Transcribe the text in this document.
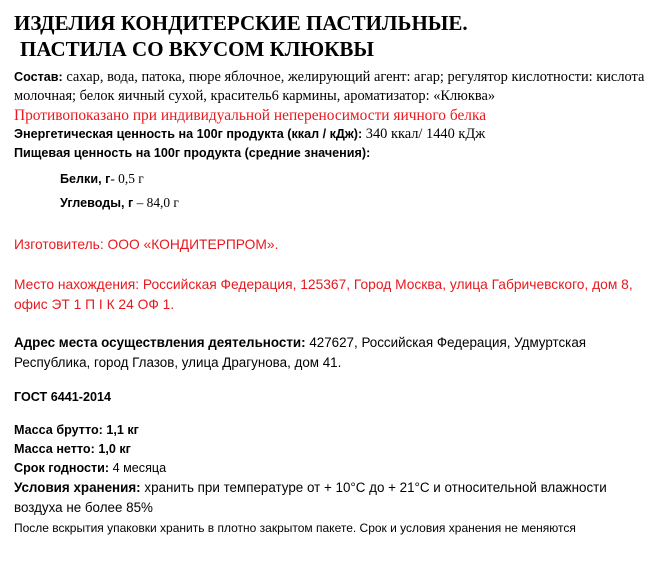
ИЗДЕЛИЯ КОНДИТЕРСКИЕ ПАСТИЛЬНЫЕ.

ПАСТИЛА СО ВКУСОМ КЛЮКВЫ

Состав: сахар, вода, патока, пюре яблочное, желирующий агент: агар; регулятор кислотности: кислота молочная; белок яичный сухой, краситель6 кармины, ароматизатор: «Клюква»

Противопоказано при индивидуальной непереносимости яичного белка

Энергетическая ценность на 100г продукта (ккал / кДж): 340 ккал/ 1440 кДж

Пищевая ценность на 100г продукта (средние значения):

Белки, г- 0,5 г

Углеводы, г – 84,0 г

Изготовитель: ООО «КОНДИТЕРПРОМ».

Место нахождения: Российская Федерация, 125367, Город Москва, улица Габричевского, дом 8, офис ЭТ 1 П I К 24 ОФ 1.

Адрес места осуществления деятельности: 427627, Российская Федерация, Удмуртская Республика, город Глазов, улица Драгунова, дом 41.

ГОСТ 6441-2014

Масса брутто: 1,1 кг

Масса нетто: 1,0 кг

Срок годности: 4 месяца

Условия хранения: хранить при температуре от + 10°С до + 21°С и относительной влажности воздуха не более 85%

После вскрытия упаковки хранить в плотно закрытом пакете. Срок и условия хранения не меняются
